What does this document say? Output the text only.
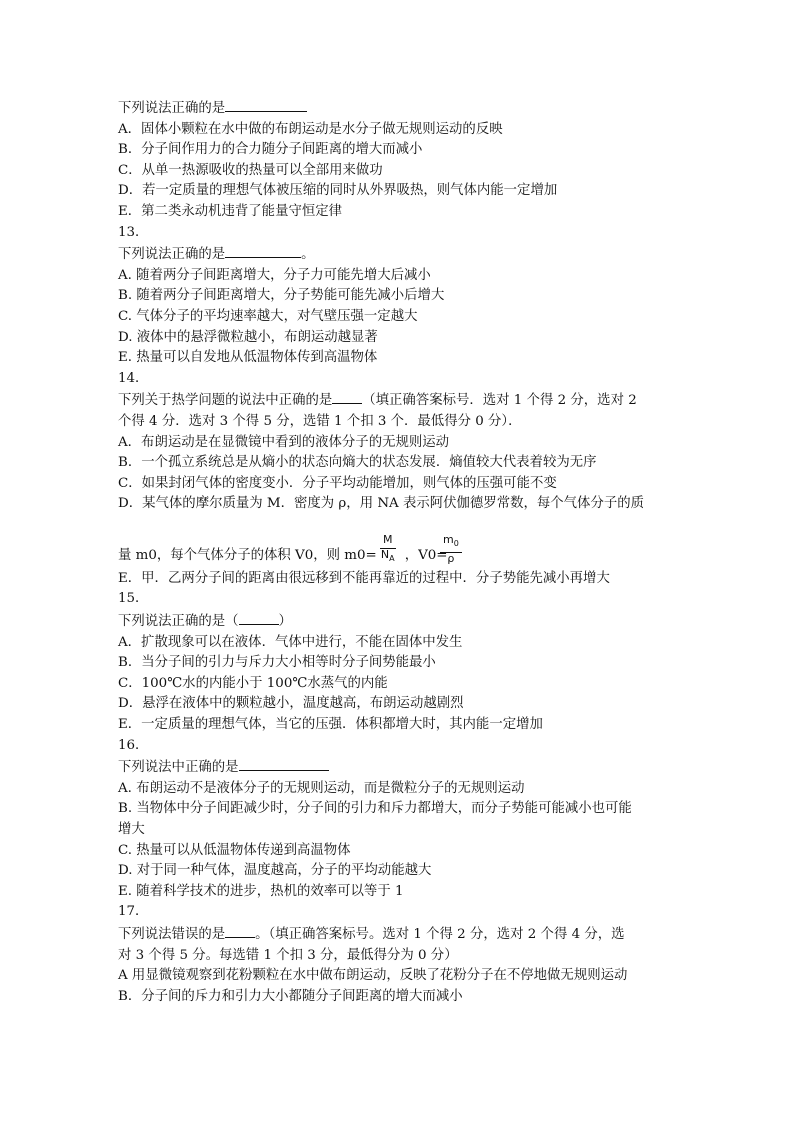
下列说法正确的是
A．固体小颗粒在水中做的布朗运动是水分子做无规则运动的反映
B．分子间作用力的合力随分子间距离的增大而减小
C．从单一热源吸收的热量可以全部用来做功
D．若一定质量的理想气体被压缩的同时从外界吸热，则气体内能一定增加
E．第二类永动机违背了能量守恒定律
13．
下列说法正确的是	。
A. 随着两分子间距离增大，分子力可能先增大后减小
B. 随着两分子间距离增大，分子势能可能先减小后增大
C. 气体分子的平均速率越大，对气壁压强一定越大
D. 液体中的悬浮微粒越小，布朗运动越显著
E. 热量可以自发地从低温物体传到高温物体
14．
下列关于热学问题的说法中正确的是 （填正确答案标号．选对 1 个得 2 分，选对 2
个得 4 分．选对 3 个得 5 分，选错 1 个扣 3 个．最低得分 0 分）．
A．布朗运动是在显微镜中看到的液体分子的无规则运动
B．一个孤立系统总是从熵小的状态向熵大的状态发展．熵值较大代表着较为无序
C．如果封闭气体的密度变小．分子平均动能增加，则气体的压强可能不变
D．某气体的摩尔质量为 M．密度为 ρ，用 NA 表示阿伏伽德罗常数，每个气体分子的质
量 m0，每个气体分子的体积 V0，则 m0= ，V0=
$\frac{M}{N_A}$	$\frac{m_0}{\rho}$
E．甲．乙两分子间的距离由很远移到不能再靠近的过程中．分子势能先减小再增大
15．
下列说法正确的是（	）
A．扩散现象可以在液体．气体中进行，不能在固体中发生
B．当分子间的引力与斥力大小相等时分子间势能最小
C．100℃水的内能小于 100℃水蒸气的内能
D．悬浮在液体中的颗粒越小，温度越高，布朗运动越剧烈
E．一定质量的理想气体，当它的压强．体积都增大时，其内能一定增加
16．
下列说法中正确的是
A. 布朗运动不是液体分子的无规则运动，而是微粒分子的无规则运动
B. 当物体中分子间距减少时，分子间的引力和斥力都增大，而分子势能可能减小也可能
增大
C. 热量可以从低温物体传递到高温物体
D. 对于同一种气体，温度越高，分子的平均动能越大
E. 随着科学技术的进步，热机的效率可以等于 1
17．
下列说法错误的是 。（填正确答案标号。选对 1 个得 2 分，选对 2 个得 4 分，选
对 3 个得 5 分。每选错 1 个扣 3 分，最低得分为 0 分）
A 用显微镜观察到花粉颗粒在水中做布朗运动，反映了花粉分子在不停地做无规则运动
B．分子间的斥力和引力大小都随分子间距离的增大而减小
